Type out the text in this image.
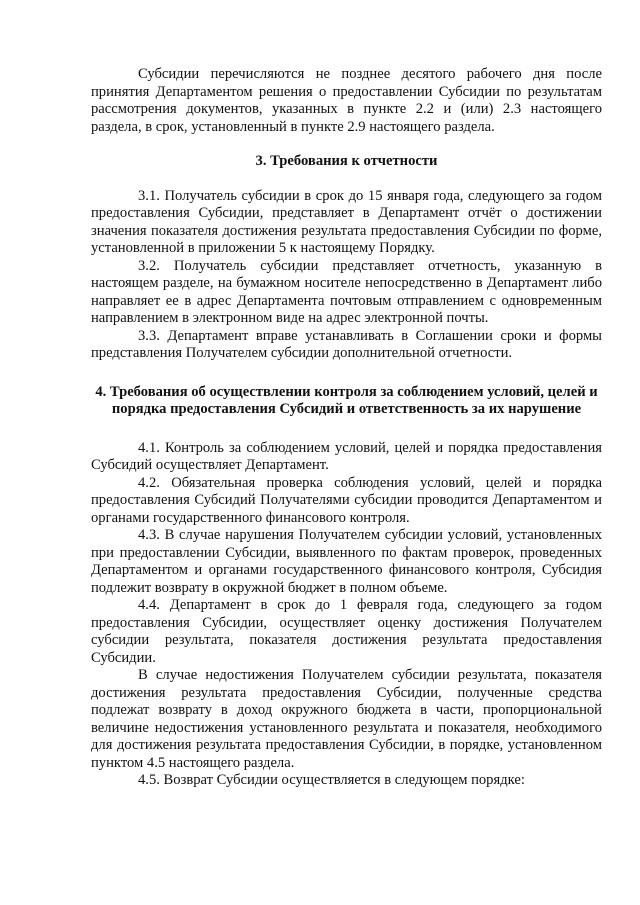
Субсидии перечисляются не позднее десятого рабочего дня после принятия Департаментом решения о предоставлении Субсидии по результатам рассмотрения документов, указанных в пункте 2.2 и (или) 2.3 настоящего раздела, в срок, установленный в пункте 2.9 настоящего раздела.

3. Требования к отчетности

3.1. Получатель субсидии в срок до 15 января года, следующего за годом предоставления Субсидии, представляет в Департамент отчёт о достижении значения показателя достижения результата предоставления Субсидии по форме, установленной в приложении 5 к настоящему Порядку.

3.2. Получатель субсидии представляет отчетность, указанную в настоящем разделе, на бумажном носителе непосредственно в Департамент либо направляет ее в адрес Департамента почтовым отправлением с одновременным направлением в электронном виде на адрес электронной почты.

3.3. Департамент вправе устанавливать в Соглашении сроки и формы представления Получателем субсидии дополнительной отчетности.

4. Требования об осуществлении контроля за соблюдением условий, целей и порядка предоставления Субсидий и ответственность за их нарушение

4.1. Контроль за соблюдением условий, целей и порядка предоставления Субсидий осуществляет Департамент.

4.2. Обязательная проверка соблюдения условий, целей и порядка предоставления Субсидий Получателями субсидии проводится Департаментом и органами государственного финансового контроля.

4.3. В случае нарушения Получателем субсидии условий, установленных при предоставлении Субсидии, выявленного по фактам проверок, проведенных Департаментом и органами государственного финансового контроля, Субсидия подлежит возврату в окружной бюджет в полном объеме.

4.4. Департамент в срок до 1 февраля года, следующего за годом предоставления Субсидии, осуществляет оценку достижения Получателем субсидии результата, показателя достижения результата предоставления Субсидии.

В случае недостижения Получателем субсидии результата, показателя достижения результата предоставления Субсидии, полученные средства подлежат возврату в доход окружного бюджета в части, пропорциональной величине недостижения установленного результата и показателя, необходимого для достижения результата предоставления Субсидии, в порядке, установленном пунктом 4.5 настоящего раздела.

4.5. Возврат Субсидии осуществляется в следующем порядке:
